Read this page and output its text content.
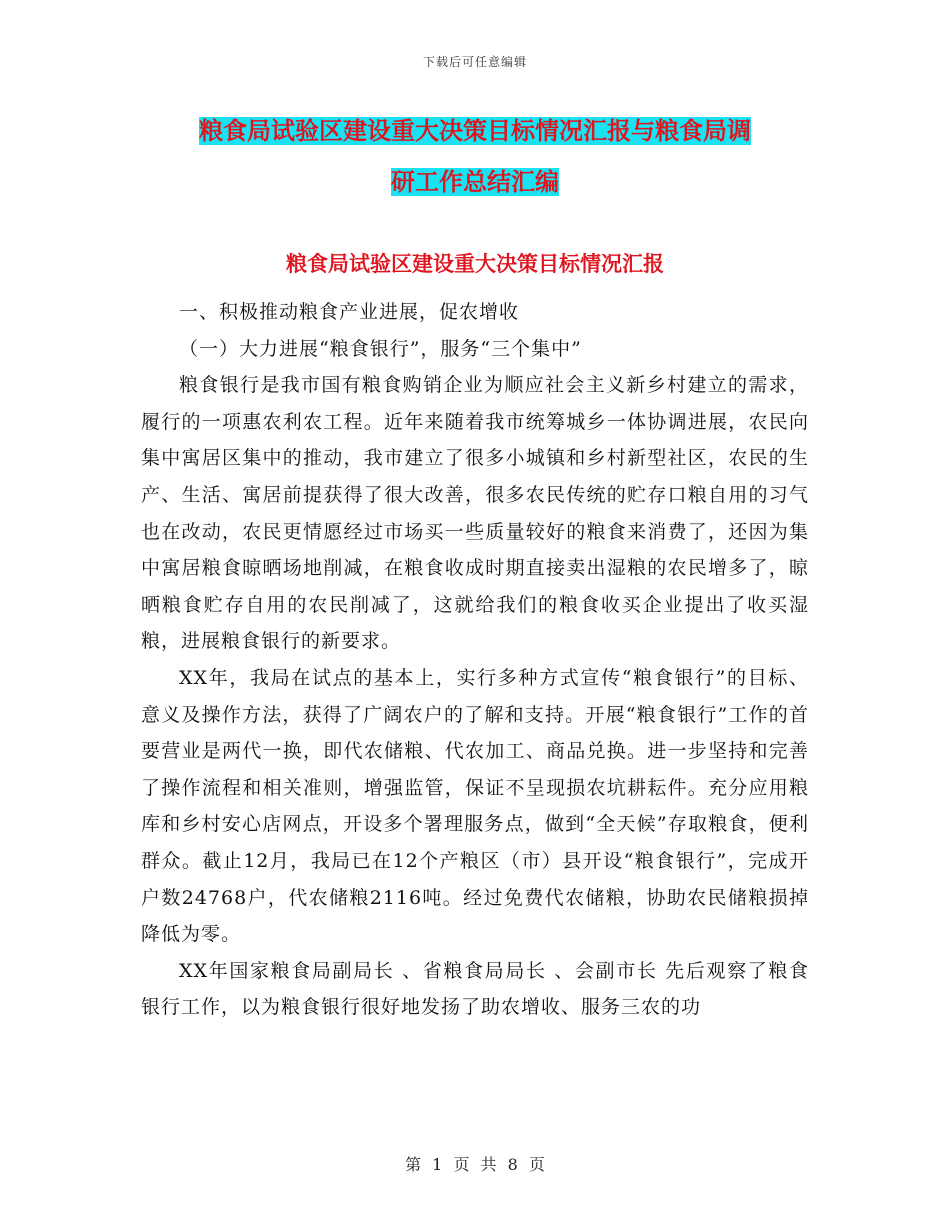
下载后可任意编辑
粮食局试验区建设重大决策目标情况汇报与粮食局调
研工作总结汇编
粮食局试验区建设重大决策目标情况汇报

一、积极推动粮食产业进展，促农增收

（一）大力进展“粮食银行”，服务“三个集中”

粮食银行是我市国有粮食购销企业为顺应社会主义新乡村建立的需求，履行的一项惠农利农工程。近年来随着我市统筹城乡一体协调进展，农民向集中寓居区集中的推动，我市建立了很多小城镇和乡村新型社区，农民的生产、生活、寓居前提获得了很大改善，很多农民传统的贮存口粮自用的习气也在改动，农民更情愿经过市场买一些质量较好的粮食来消费了，还因为集中寓居粮食晾晒场地削减，在粮食收成时期直接卖出湿粮的农民增多了，晾晒粮食贮存自用的农民削减了，这就给我们的粮食收买企业提出了收买湿粮，进展粮食银行的新要求。

XX年，我局在试点的基本上，实行多种方式宣传“粮食银行”的目标、意义及操作方法，获得了广阔农户的了解和支持。开展“粮食银行”工作的首要营业是两代一换，即代农储粮、代农加工、商品兑换。进一步坚持和完善了操作流程和相关准则，增强监管，保证不呈现损农坑耕耘件。充分应用粮库和乡村安心店网点，开设多个署理服务点，做到“全天候”存取粮食，便利群众。截止12月，我局已在12个产粮区（市）县开设“粮食银行”，完成开户数24768户，代农储粮2116吨。经过免费代农储粮，协助农民储粮损掉降低为零。

XX年国家粮食局副局长 、省粮食局局长 、会副市长 先后观察了粮食银行工作，以为粮食银行很好地发扬了助农增收、服务三农的功

第 1 页 共 8 页
